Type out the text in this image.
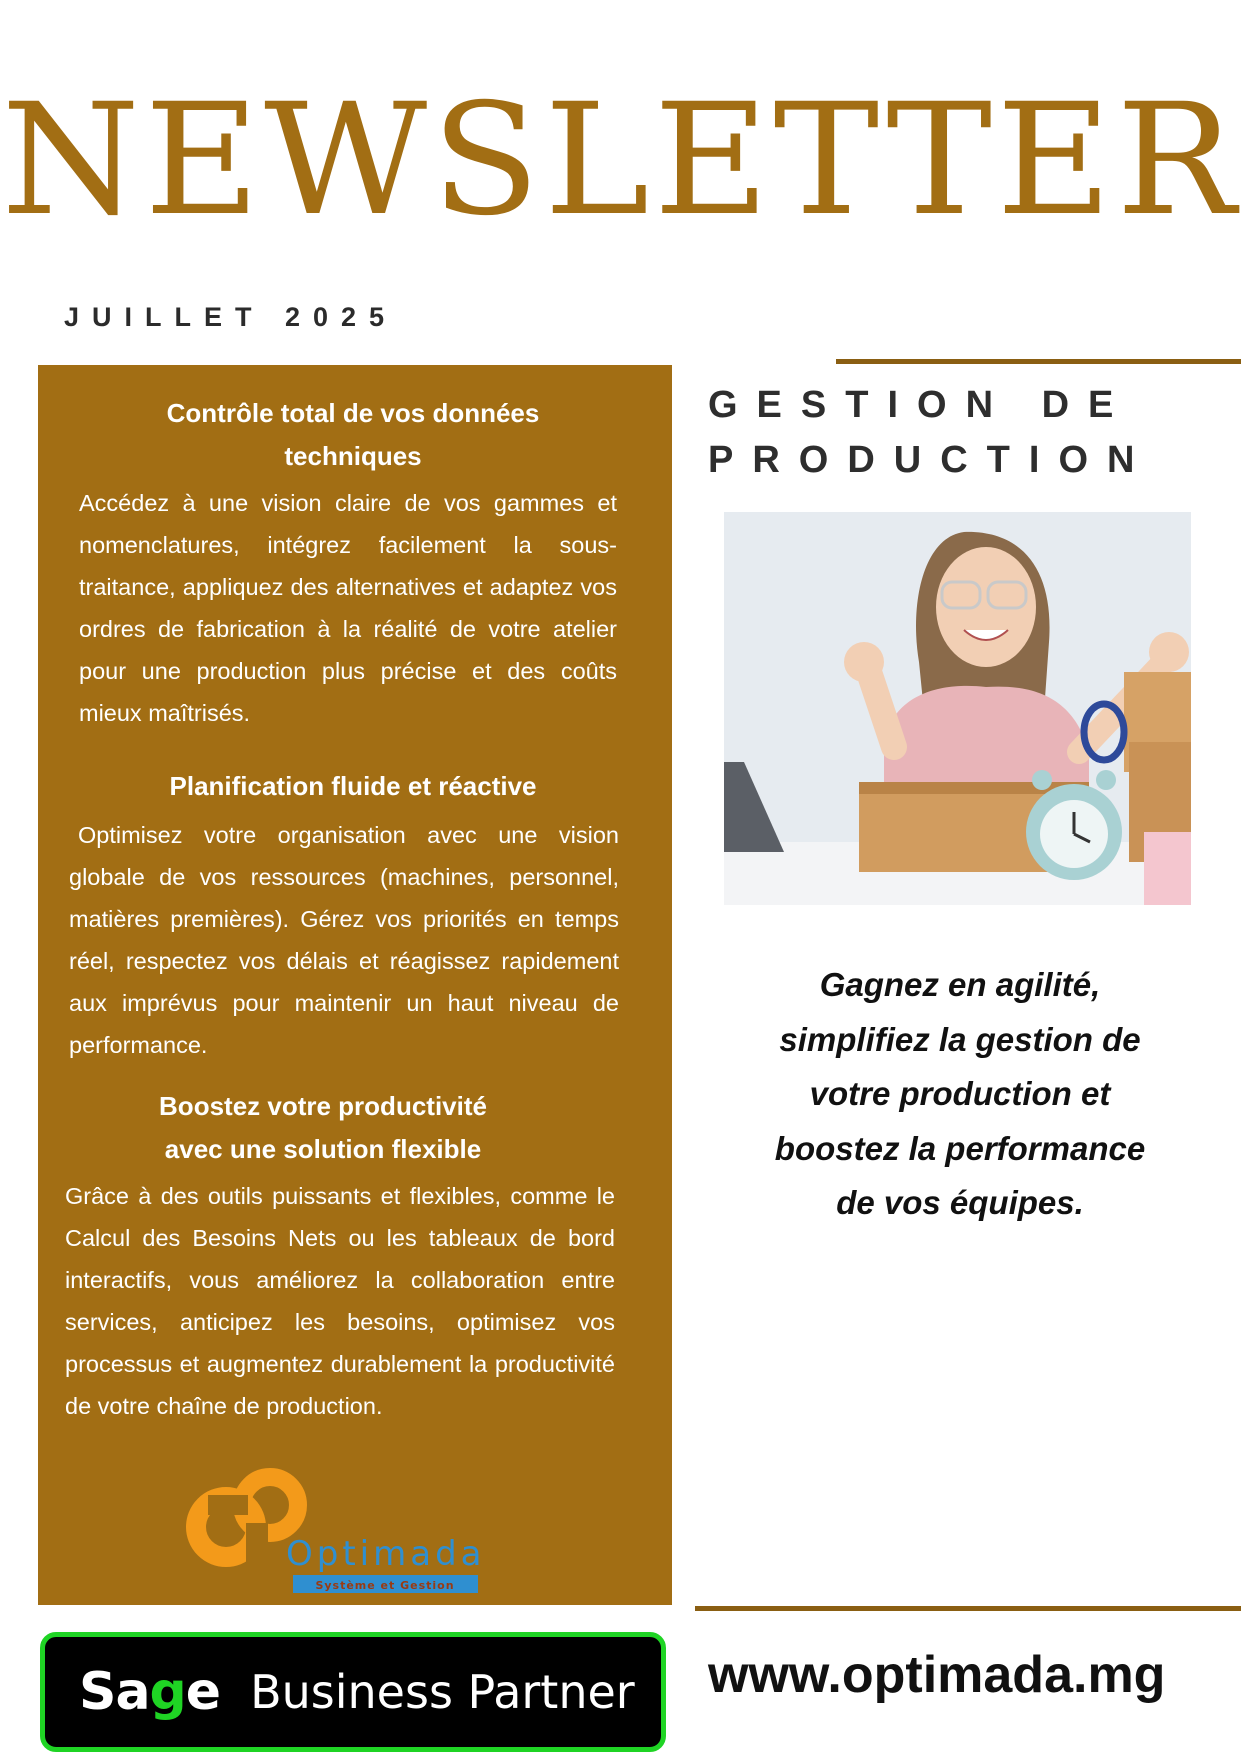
NEWSLETTER
JUILLET 2025
Contrôle total de vos données
techniques
Accédez à une vision claire de vos gammes et nomenclatures, intégrez facilement la sous-traitance, appliquez des alternatives et adaptez vos ordres de fabrication à la réalité de votre atelier pour une production plus précise et des coûts mieux maîtrisés.
Planification fluide et réactive
Optimisez votre organisation avec une vision globale de vos ressources (machines, personnel, matières premières). Gérez vos priorités en temps réel, respectez vos délais et réagissez rapidement aux imprévus pour maintenir un haut niveau de performance.
Boostez votre productivité
avec une solution flexible
Grâce à des outils puissants et flexibles, comme le Calcul des Besoins Nets ou les tableaux de bord interactifs, vous améliorez la collaboration entre services, anticipez les besoins, optimisez vos processus et augmentez durablement la productivité de votre chaîne de production.
Optimada
Système et Gestion
GESTION DE
PRODUCTION
Gagnez en agilité,
simplifiez la gestion de
votre production et
boostez la performance
de vos équipes.
Sage Business Partner www.optimada.mg
